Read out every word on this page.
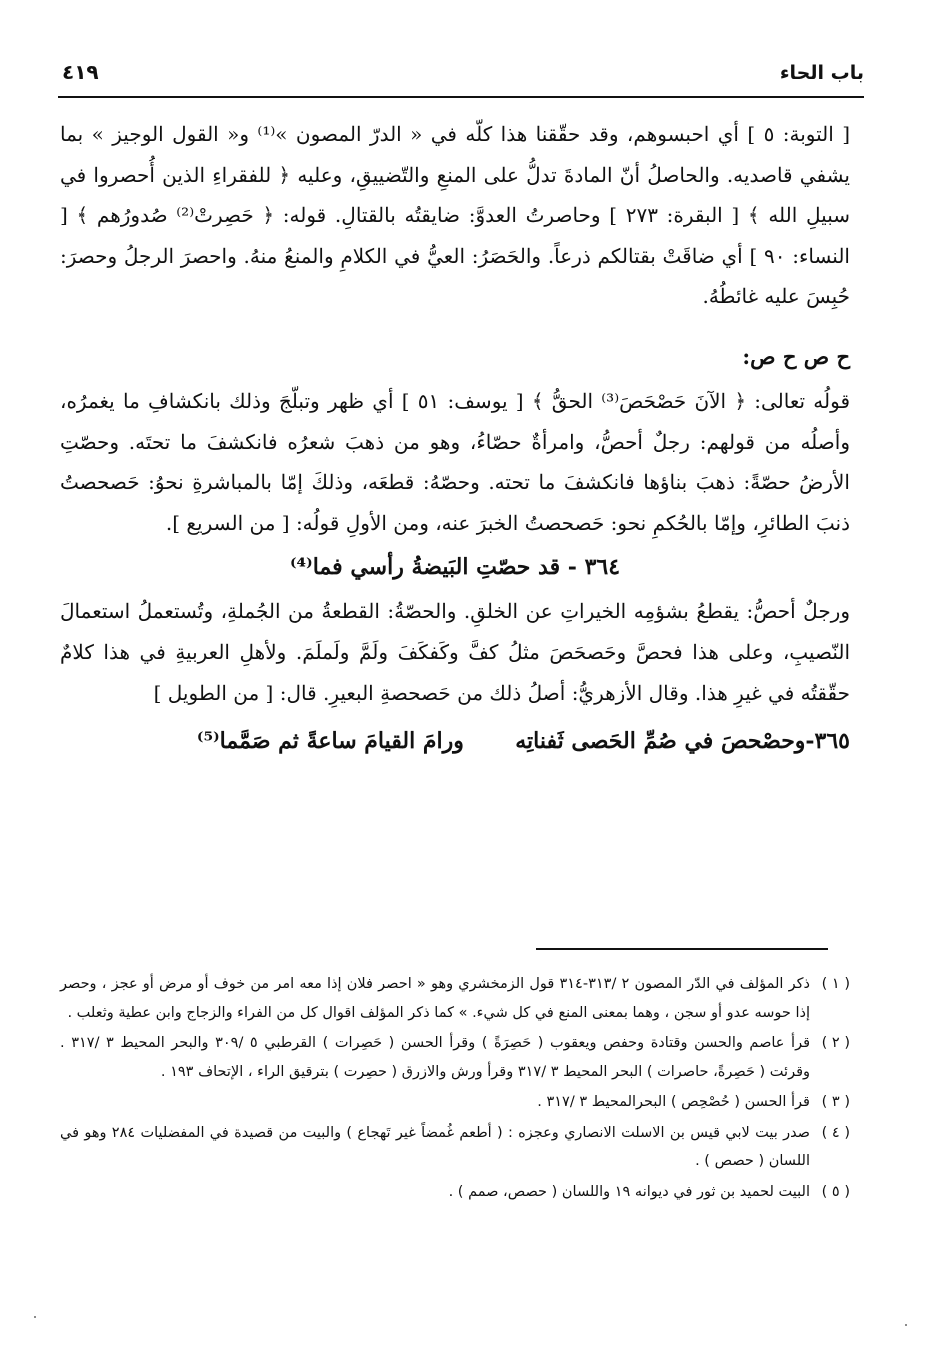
باب الحاء
٤١٩

[ التوبة: ٥ ] أي احبسوهم، وقد حقّقنا هذا كلّه في « الدرّ المصون »⁽¹⁾ و« القول الوجيز » بما يشفي قاصديه. والحاصلُ أنّ المادةَ تدلُّ على المنعِ والتّضييقِ، وعليه ﴿ للفقراءِ الذين أُحصروا في سبيلِ الله ﴾ [ البقرة: ٢٧٣ ] وحاصرتُ العدوَّ: ضايقتُه بالقتالِ. قوله: ﴿ حَصِرتْ⁽²⁾ صُدورُهم ﴾ [ النساء: ٩٠ ] أي ضاقَتْ بقتالكم ذرعاً. والحَصَرُ: العيُّ في الكلامِ والمنعُ منهُ. واحصرَ الرجلُ وحصرَ: حُبِسَ عليه غائطُهُ.

ح ص ح ص:

قولُه تعالى: ﴿ الآنَ حَصْحَصَ⁽³⁾ الحقُّ ﴾ [ يوسف: ٥١ ] أي ظهر وتبلّجَ وذلك بانكشافِ ما يغمرُه، وأصلُه من قولهم: رجلٌ أحصُّ، وامرأةٌ حصّاءُ، وهو من ذهبَ شعرُه فانكشفَ ما تحتَه. وحصّتِ الأرضُ حصّةً: ذهبَ بناؤها فانكشفَ ما تحته. وحصّهُ: قطعَه، وذلكَ إمّا بالمباشرةِ نحوُ: حَصحصتُ ذنبَ الطائرِ، وإمّا بالحُكمِ نحو: حَصحصتُ الخبرَ عنه، ومن الأولِ قولُه: [ من السريع ].

٣٦٤ - قد حصّتِ البَيضةُ رأسي فما⁽⁴⁾

ورجلٌ أحصُّ: يقطعُ بشؤمِه الخيراتِ عن الخلقِ. والحصّةُ: القطعةُ من الجُملةِ، وتُستعملُ استعمالَ النّصيبِ، وعلى هذا فحصَّ وحَصحَصَ مثلُ كفَّ وكَفكَفَ ولَمَّ ولَملَمَ. ولأهلِ العربيةِ في هذا كلامٌ حقّقتُه في غيرِ هذا. وقال الأزهريُّ: أصلُ ذلك من حَصحصةِ البعيرِ. قال: [ من الطويل ]

٣٦٥-وحصْحصَ في صُمِّ الحَصى ثَفناتِه  ورامَ القيامَ ساعةً ثم صَمَّما⁽⁵⁾

( ١ )
ذكر المؤلف في الدّر المصون ٢ /٣١٣-٣١٤ قول الزمخشري وهو « احصر فلان إذا معه امر من خوف أو مرض أو عجز ، وحصر إذا حوسه عدو أو سجن ، وهما بمعنى المنع في كل شيء. » كما ذكر المؤلف اقوال كل من الفراء والزجاج وابن عطية وثعلب .

( ٢ )
قرأ عاصم والحسن وقتادة وحفص ويعقوب ( حَصِرَةً ) وقرأ الحسن ( حَصِرات ) القرطبي ٥ /٣٠٩ والبحر المحيط ٣ /٣١٧ . وقرئت ( حَصِرةً، حاصرات ) البحر المحيط ٣ /٣١٧ وقرأ ورش والازرق ( حصِرت ) بترقيق الراء ، الإتحاف ١٩٣ .

( ٣ )
قرأ الحسن ( حُصْحِص ) البحرالمحيط ٣ /٣١٧ .

( ٤ )
صدر بيت لابي قيس بن الاسلت الانصاري وعجزه : ( أطعم غُمضاً غير تَهجاع ) والبيت من قصيدة في المفضليات ٢٨٤ وهو في اللسان ( حصص ) .

( ٥ )
البيت لحميد بن ثور في ديوانه ١٩ واللسان ( حصص، صمم ) .
